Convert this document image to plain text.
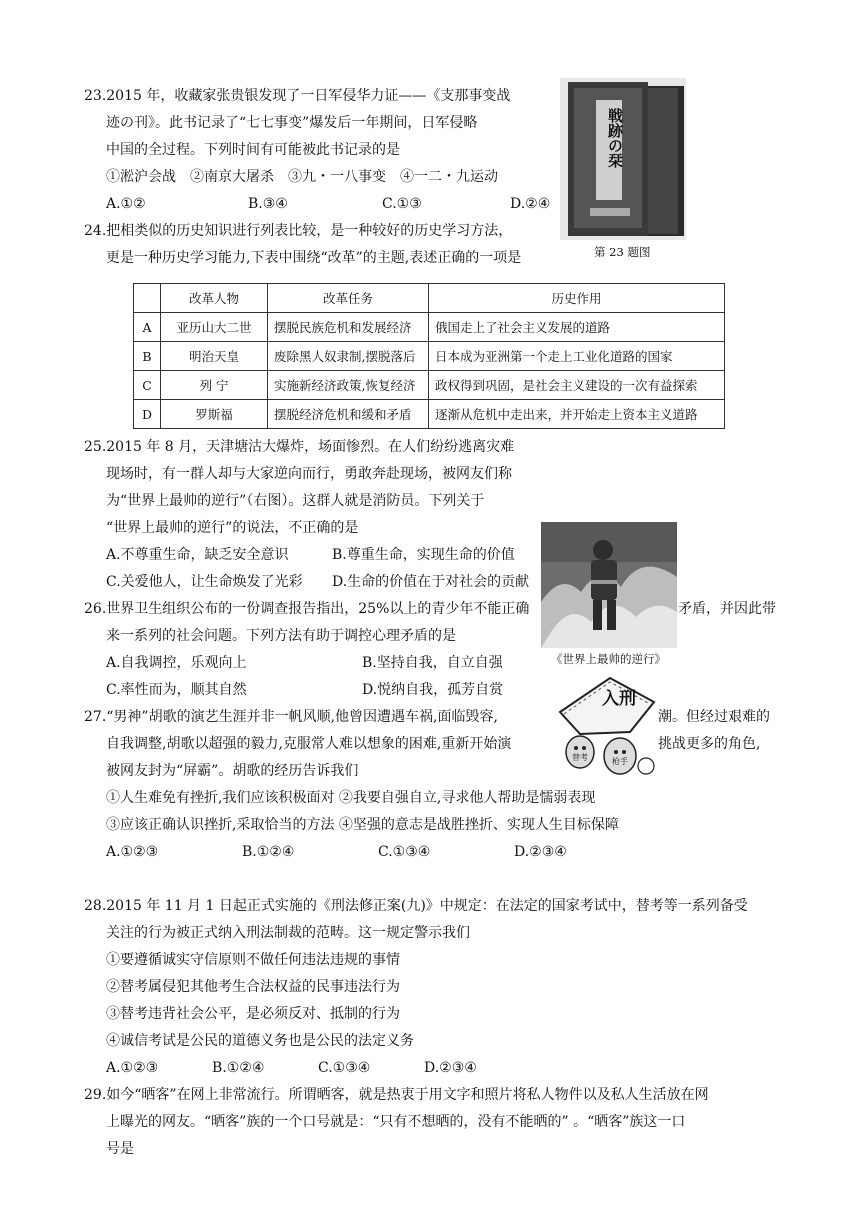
23.2015 年，收藏家张贵银发现了一日军侵华力证——《支那事变战
迹の刊》。此书记录了“七七事变”爆发后一年期间，日军侵略
中国的全过程。下列时间有可能被此书记录的是
①淞沪会战　②南京大屠杀　③九・一八事变　④一二・九运动
A.①②	B.③④	C.①③	D.②④
戦跡の栞
第 23 题图
24.把相类似的历史知识进行列表比较，是一种较好的历史学习方法，
更是一种历史学习能力,下表中围绕“改革”的主题,表述正确的一项是
	改革人物	改革任务	历史作用
A	亚历山大二世	摆脱民族危机和发展经济	俄国走上了社会主义发展的道路
B	明治天皇	废除黑人奴隶制,摆脱落后	日本成为亚洲第一个走上工业化道路的国家
C	列 宁	实施新经济政策,恢复经济	政权得到巩固，是社会主义建设的一次有益探索
D	罗斯福	摆脱经济危机和缓和矛盾	逐渐从危机中走出来，并开始走上资本主义道路
25.2015 年 8 月，天津塘沽大爆炸，场面惨烈。在人们纷纷逃离灾难
现场时，有一群人却与大家逆向而行，勇敢奔赴现场，被网友们称
为“世界上最帅的逆行”（右图）。这群人就是消防员。下列关于
“世界上最帅的逆行”的说法，不正确的是
A.不尊重生命，缺乏安全意识	B.尊重生命，实现生命的价值
C.关爱他人，让生命焕发了光彩 D.生命的价值在于对社会的贡献
26.世界卫生组织公布的一份调查报告指出，25%以上的青少年不能正确	矛盾，并因此带
来一系列的社会问题。下列方法有助于调控心理矛盾的是
A.自我调控，乐观向上	B.坚持自我，自立自强
C.率性而为，顺其自然	D.悦纳自我，孤芳自赏
《世界上最帅的逆行》
27.“男神”胡歌的演艺生涯并非一帆风顺,他曾因遭遇车祸,面临毁容,	潮。但经过艰难的
自我调整,胡歌以超强的毅力,克服常人难以想象的困难,重新开始演	挑战更多的角色,
被网友封为“屏霸”。胡歌的经历告诉我们
①人生难免有挫折,我们应该积极面对 ②我要自强自立,寻求他人帮助是懦弱表现
③应该正确认识挫折,采取恰当的方法 ④坚强的意志是战胜挫折、实现人生目标保障
A.①②③	B.①②④	C.①③④	D.②③④
入刑
替考	枪手
28.2015 年 11 月 1 日起正式实施的《刑法修正案(九)》中规定：在法定的国家考试中，替考等一系列备受
关注的行为被正式纳入刑法制裁的范畴。这一规定警示我们
①要遵循诚实守信原则不做任何违法违规的事情
②替考属侵犯其他考生合法权益的民事违法行为
③替考违背社会公平，是必须反对、抵制的行为
④诚信考试是公民的道德义务也是公民的法定义务
A.①②③	B.①②④	C.①③④	D.②③④
29.如今“晒客”在网上非常流行。所谓晒客，就是热衷于用文字和照片将私人物件以及私人生活放在网
上曝光的网友。“晒客”族的一个口号就是：“只有不想晒的，没有不能晒的” 。“晒客”族这一口
号是
